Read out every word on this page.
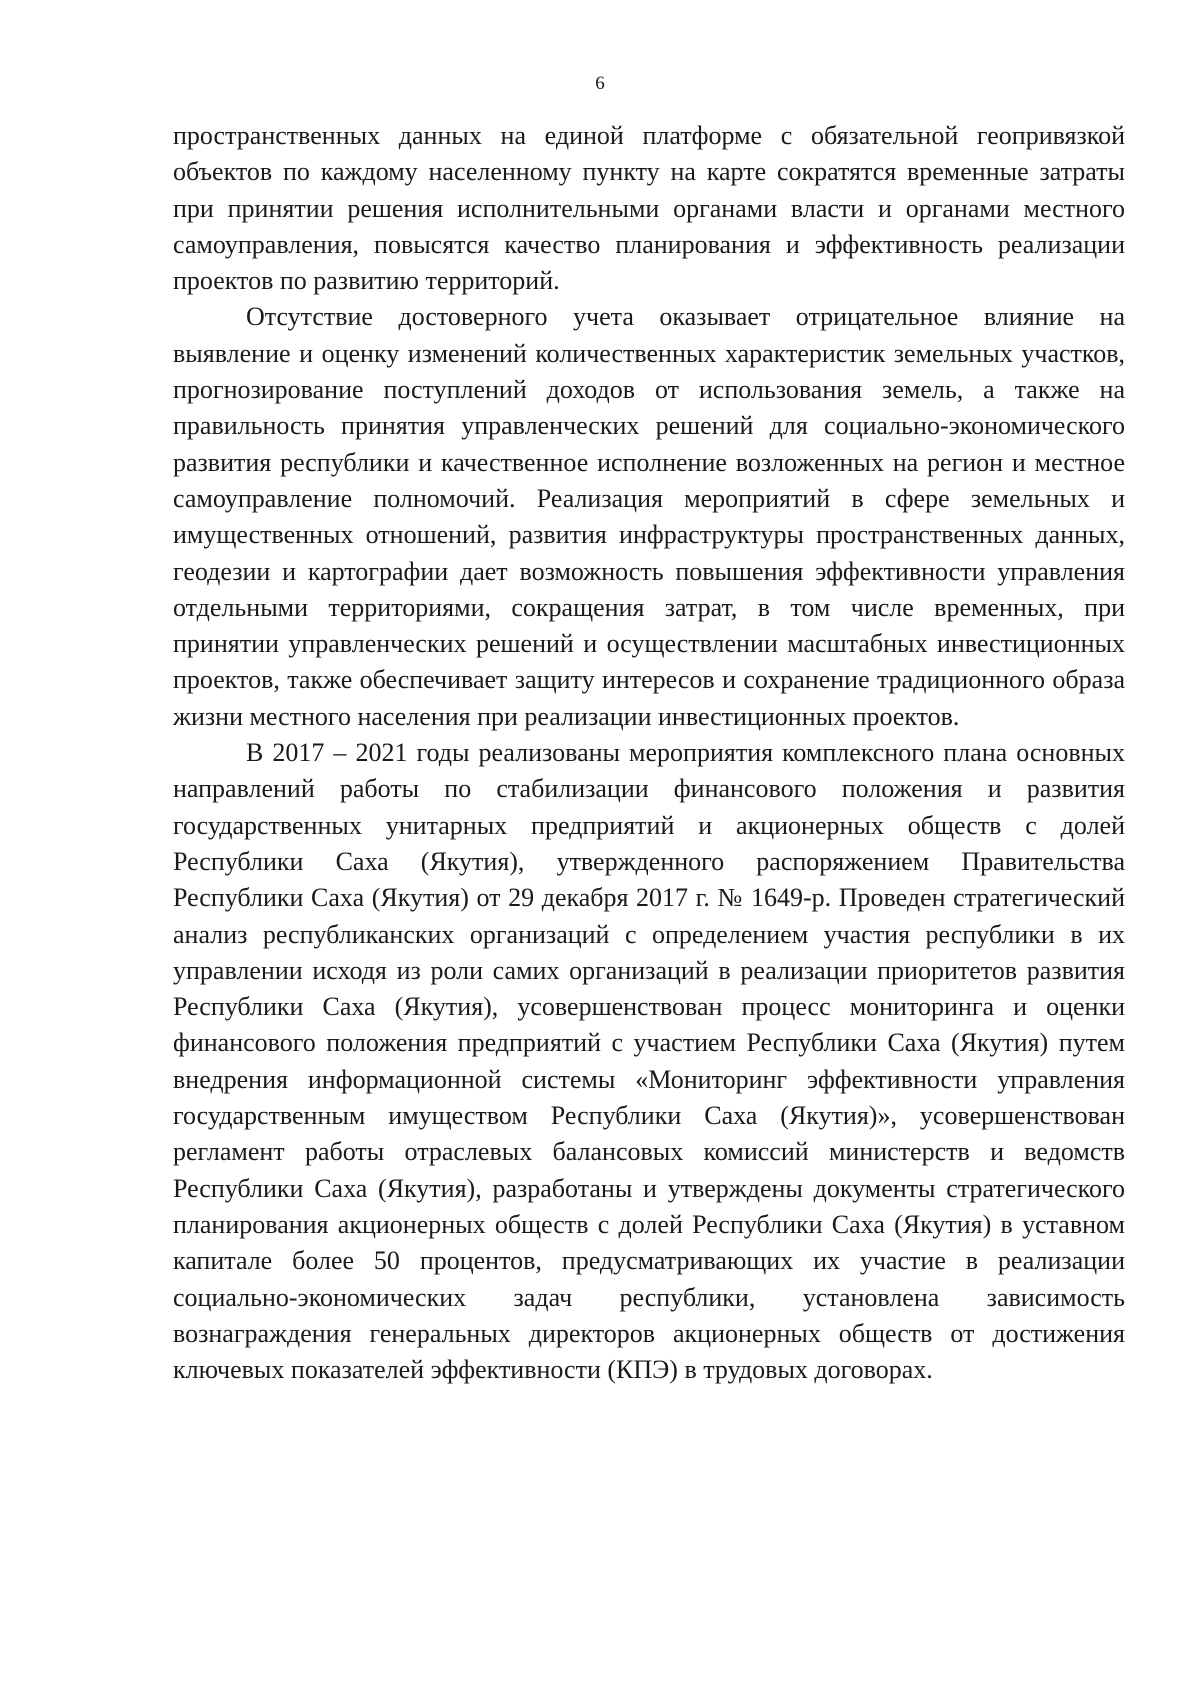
6

пространственных данных на единой платформе с обязательной геопривязкой объектов по каждому населенному пункту на карте сократятся временные затраты при принятии решения исполнительными органами власти и органами местного самоуправления, повысятся качество планирования и эффективность реализации проектов по развитию территорий.

Отсутствие достоверного учета оказывает отрицательное влияние на выявление и оценку изменений количественных характеристик земельных участков, прогнозирование поступлений доходов от использования земель, а также на правильность принятия управленческих решений для социально-экономического развития республики и качественное исполнение возложенных на регион и местное самоуправление полномочий. Реализация мероприятий в сфере земельных и имущественных отношений, развития инфраструктуры пространственных данных, геодезии и картографии дает возможность повышения эффективности управления отдельными территориями, сокращения затрат, в том числе временных, при принятии управленческих решений и осуществлении масштабных инвестиционных проектов, также обеспечивает защиту интересов и сохранение традиционного образа жизни местного населения при реализации инвестиционных проектов.

В 2017 – 2021 годы реализованы мероприятия комплексного плана основных направлений работы по стабилизации финансового положения и развития государственных унитарных предприятий и акционерных обществ с долей Республики Саха (Якутия), утвержденного распоряжением Правительства Республики Саха (Якутия) от 29 декабря 2017 г. № 1649-р. Проведен стратегический анализ республиканских организаций с определением участия республики в их управлении исходя из роли самих организаций в реализации приоритетов развития Республики Саха (Якутия), усовершенствован процесс мониторинга и оценки финансового положения предприятий с участием Республики Саха (Якутия) путем внедрения информационной системы «Мониторинг эффективности управления государственным имуществом Республики Саха (Якутия)», усовершенствован регламент работы отраслевых балансовых комиссий министерств и ведомств Республики Саха (Якутия), разработаны и утверждены документы стратегического планирования акционерных обществ с долей Республики Саха (Якутия) в уставном капитале более 50 процентов, предусматривающих их участие в реализации социально-экономических задач республики, установлена зависимость вознаграждения генеральных директоров акционерных обществ от достижения ключевых показателей эффективности (КПЭ) в трудовых договорах.
